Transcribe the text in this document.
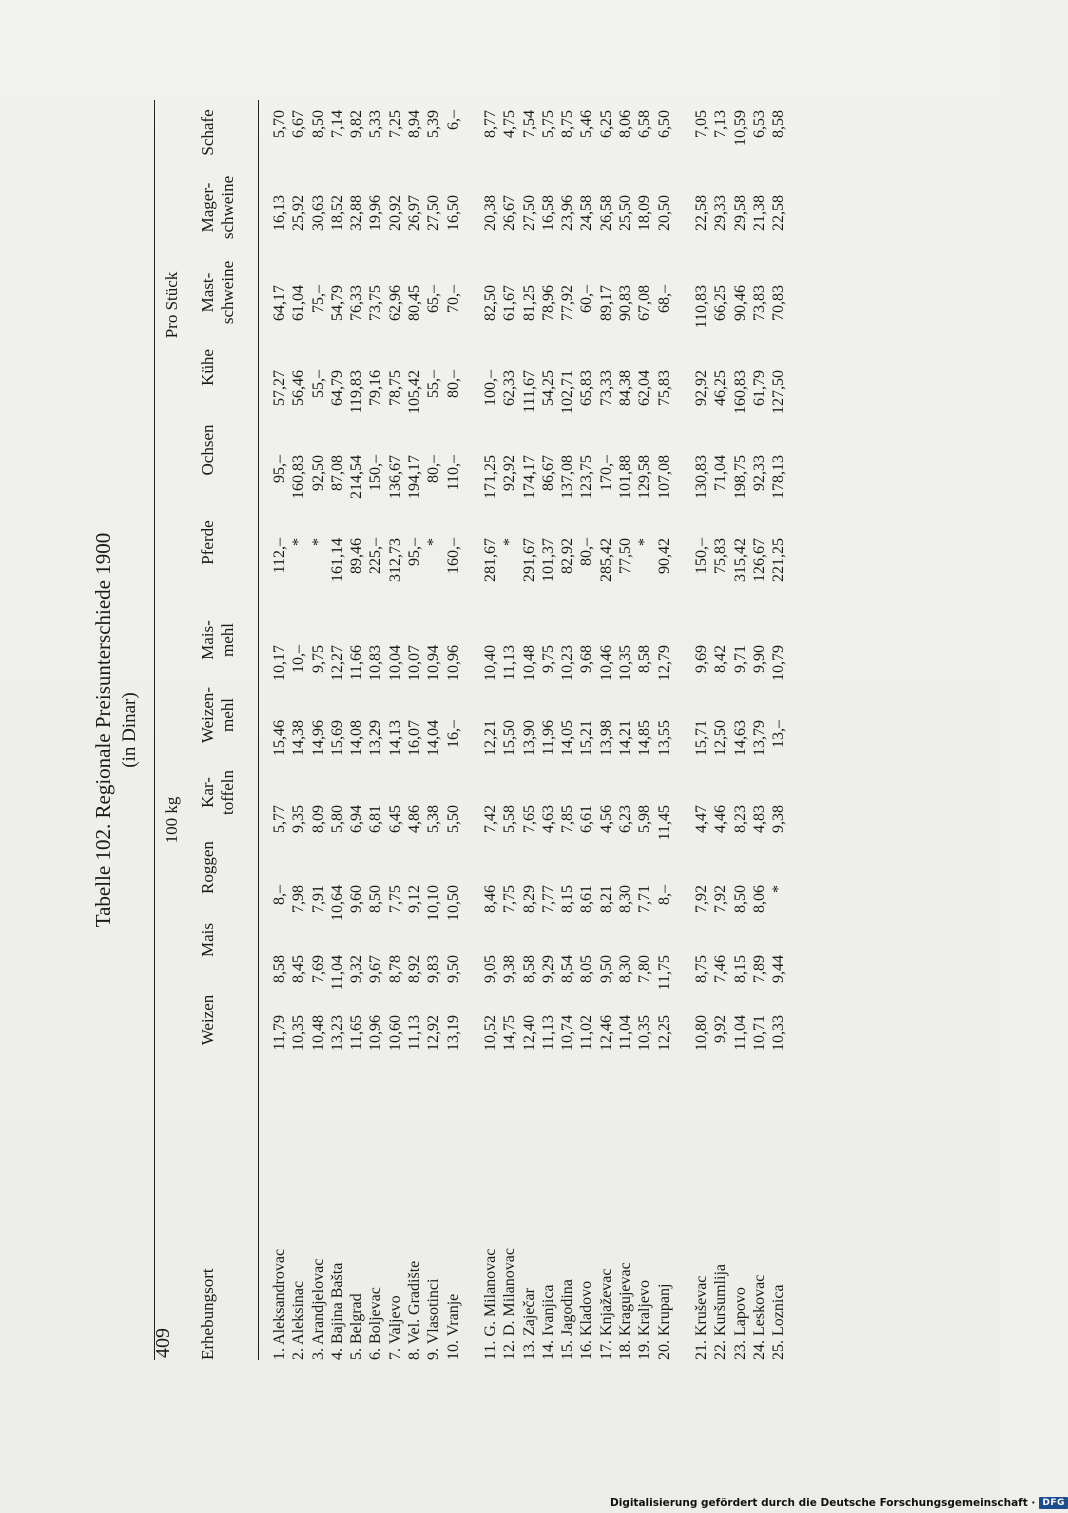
409
Tabelle 102. Regionale Preisunterschiede 1900 (in Dinar)
100 kg
Pro Stück
Erhebungsort
Weizen
Mais
Roggen
Kar- toffeln
Weizen- mehl
Mais- mehl
Pferde
Ochsen
Kühe
Mast- schweine
Mager- schweine
Schafe
1. Aleksandrovac
11,79
8,58
8,–
5,77
15,46
10,17
112,–
95,–
57,27
64,17
16,13
5,70
2. Aleksinac
10,35
8,45
7,98
9,35
14,38
10,–
*
160,83
56,46
61,04
25,92
6,67
3. Arandjelovac
10,48
7,69
7,91
8,09
14,96
9,75
*
92,50
55,–
75,–
30,63
8,50
4. Bajina Bašta
13,23
11,04
10,64
5,80
15,69
12,27
161,14
87,08
64,79
54,79
18,52
7,14
5. Belgrad
11,65
9,32
9,60
6,94
14,08
11,66
89,46
214,54
119,83
76,33
32,88
9,82
6. Boljevac
10,96
9,67
8,50
6,81
13,29
10,83
225,–
150,–
79,16
73,75
19,96
5,33
7. Valjevo
10,60
8,78
7,75
6,45
14,13
10,04
312,73
136,67
78,75
62,96
20,92
7,25
8. Vel. Gradište
11,13
8,92
9,12
4,86
16,07
10,07
95,–
194,17
105,42
80,45
26,97
8,94
9. Vlasotinci
12,92
9,83
10,10
5,38
14,04
10,94
*
80,–
55,–
65,–
27,50
5,39
10. Vranje
13,19
9,50
10,50
5,50
16,–
10,96
160,–
110,–
80,–
70,–
16,50
6,–
11. G. Milanovac
10,52
9,05
8,46
7,42
12,21
10,40
281,67
171,25
100,–
82,50
20,38
8,77
12. D. Milanovac
14,75
9,38
7,75
5,58
15,50
11,13
*
92,92
62,33
61,67
26,67
4,75
13. Zaječar
12,40
8,58
8,29
7,65
13,90
10,48
291,67
174,17
111,67
81,25
27,50
7,54
14. Ivanjica
11,13
9,29
7,77
4,63
11,96
9,75
101,37
86,67
54,25
78,96
16,58
5,75
15. Jagodina
10,74
8,54
8,15
7,85
14,05
10,23
82,92
137,08
102,71
77,92
23,96
8,75
16. Kladovo
11,02
8,05
8,61
6,61
15,21
9,68
80,–
123,75
65,83
60,–
24,58
5,46
17. Knjaževac
12,46
9,50
8,21
4,56
13,98
10,46
285,42
170,–
73,33
89,17
26,58
6,25
18. Kragujevac
11,04
8,30
8,30
6,23
14,21
10,35
77,50
101,88
84,38
90,83
25,50
8,06
19. Kraljevo
10,35
7,80
7,71
5,98
14,85
8,58
*
129,58
62,04
67,08
18,09
6,58
20. Krupanj
12,25
11,75
8,–
11,45
13,55
12,79
90,42
107,08
75,83
68,–
20,50
6,50
21. Kruševac
10,80
8,75
7,92
4,47
15,71
9,69
150,–
130,83
92,92
110,83
22,58
7,05
22. Kuršumlija
9,92
7,46
7,92
4,46
12,50
8,42
75,83
71,04
46,25
66,25
29,33
7,13
23. Lapovo
11,04
8,15
8,50
8,23
14,63
9,71
315,42
198,75
160,83
90,46
29,58
10,59
24. Leskovac
10,71
7,89
8,06
4,83
13,79
9,90
126,67
92,33
61,79
73,83
21,38
6,53
25. Loznica
10,33
9,44
*
9,38
13,–
10,79
221,25
178,13
127,50
70,83
22,58
8,58
Digitalisierung gefördert durch die Deutsche Forschungsgemeinschaft · DFG
